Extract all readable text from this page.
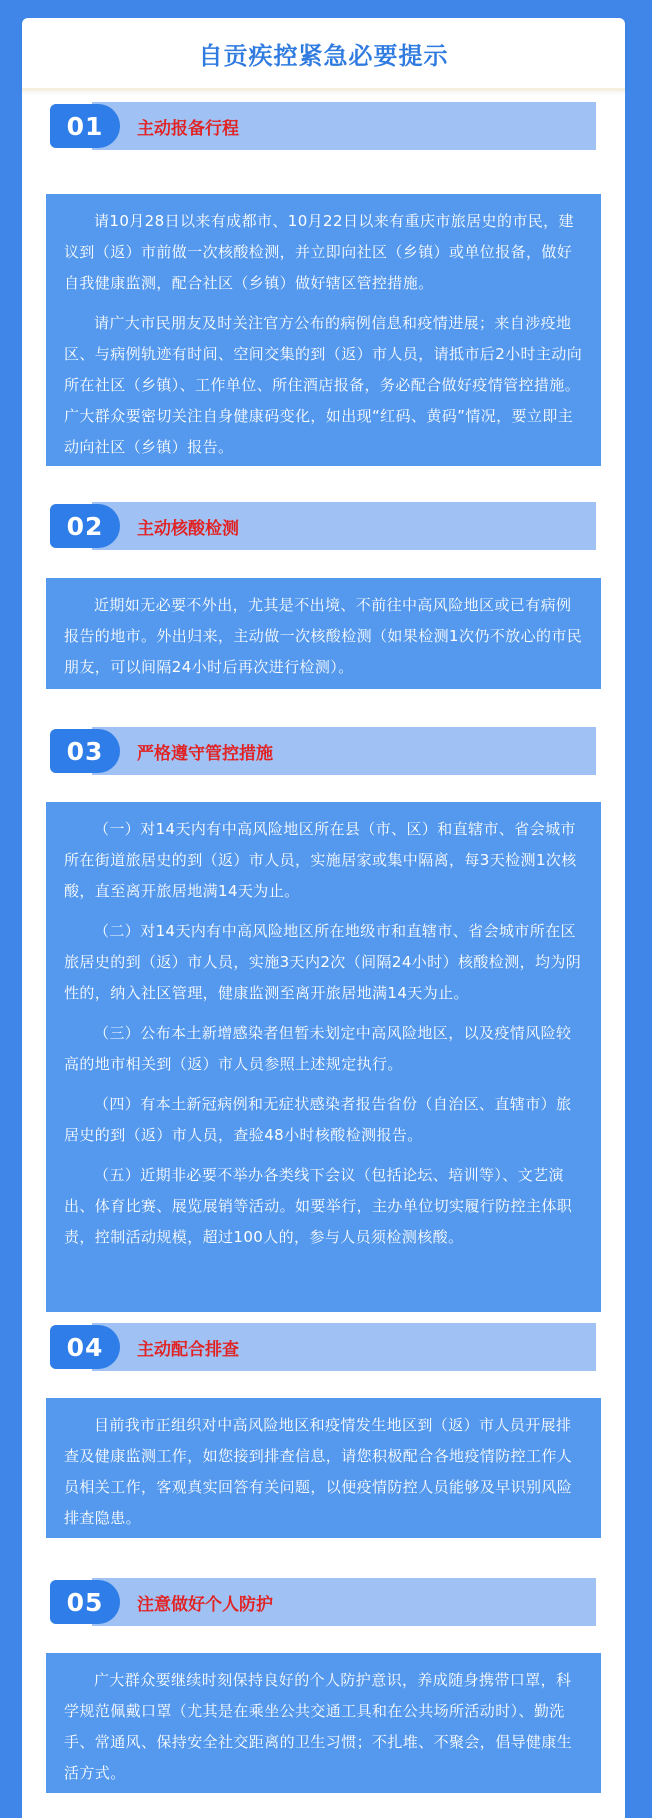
自贡疾控紧急必要提示
01	主动报备行程

请10月28日以来有成都市、10月22日以来有重庆市旅居史的市民，建议到（返）市前做一次核酸检测，并立即向社区（乡镇）或单位报备，做好自我健康监测，配合社区（乡镇）做好辖区管控措施。

请广大市民朋友及时关注官方公布的病例信息和疫情进展；来自涉疫地区、与病例轨迹有时间、空间交集的到（返）市人员，请抵市后2小时主动向所在社区（乡镇）、工作单位、所住酒店报备，务必配合做好疫情管控措施。广大群众要密切关注自身健康码变化，如出现“红码、黄码”情况，要立即主动向社区（乡镇）报告。

02	主动核酸检测

近期如无必要不外出，尤其是不出境、不前往中高风险地区或已有病例报告的地市。外出归来，主动做一次核酸检测（如果检测1次仍不放心的市民朋友，可以间隔24小时后再次进行检测）。

03	严格遵守管控措施

（一）对14天内有中高风险地区所在县（市、区）和直辖市、省会城市所在街道旅居史的到（返）市人员，实施居家或集中隔离，每3天检测1次核酸，直至离开旅居地满14天为止。

（二）对14天内有中高风险地区所在地级市和直辖市、省会城市所在区旅居史的到（返）市人员，实施3天内2次（间隔24小时）核酸检测，均为阴性的，纳入社区管理，健康监测至离开旅居地满14天为止。

（三）公布本土新增感染者但暂未划定中高风险地区，以及疫情风险较高的地市相关到（返）市人员参照上述规定执行。

（四）有本土新冠病例和无症状感染者报告省份（自治区、直辖市）旅居史的到（返）市人员，查验48小时核酸检测报告。

（五）近期非必要不举办各类线下会议（包括论坛、培训等）、文艺演出、体育比赛、展览展销等活动。如要举行，主办单位切实履行防控主体职责，控制活动规模，超过100人的，参与人员须检测核酸。

04	主动配合排查

目前我市正组织对中高风险地区和疫情发生地区到（返）市人员开展排查及健康监测工作，如您接到排查信息，请您积极配合各地疫情防控工作人员相关工作，客观真实回答有关问题，以便疫情防控人员能够及早识别风险排查隐患。

05	注意做好个人防护

广大群众要继续时刻保持良好的个人防护意识，养成随身携带口罩，科学规范佩戴口罩（尤其是在乘坐公共交通工具和在公共场所活动时）、勤洗手、常通风、保持安全社交距离的卫生习惯；不扎堆、不聚会，倡导健康生活方式。
